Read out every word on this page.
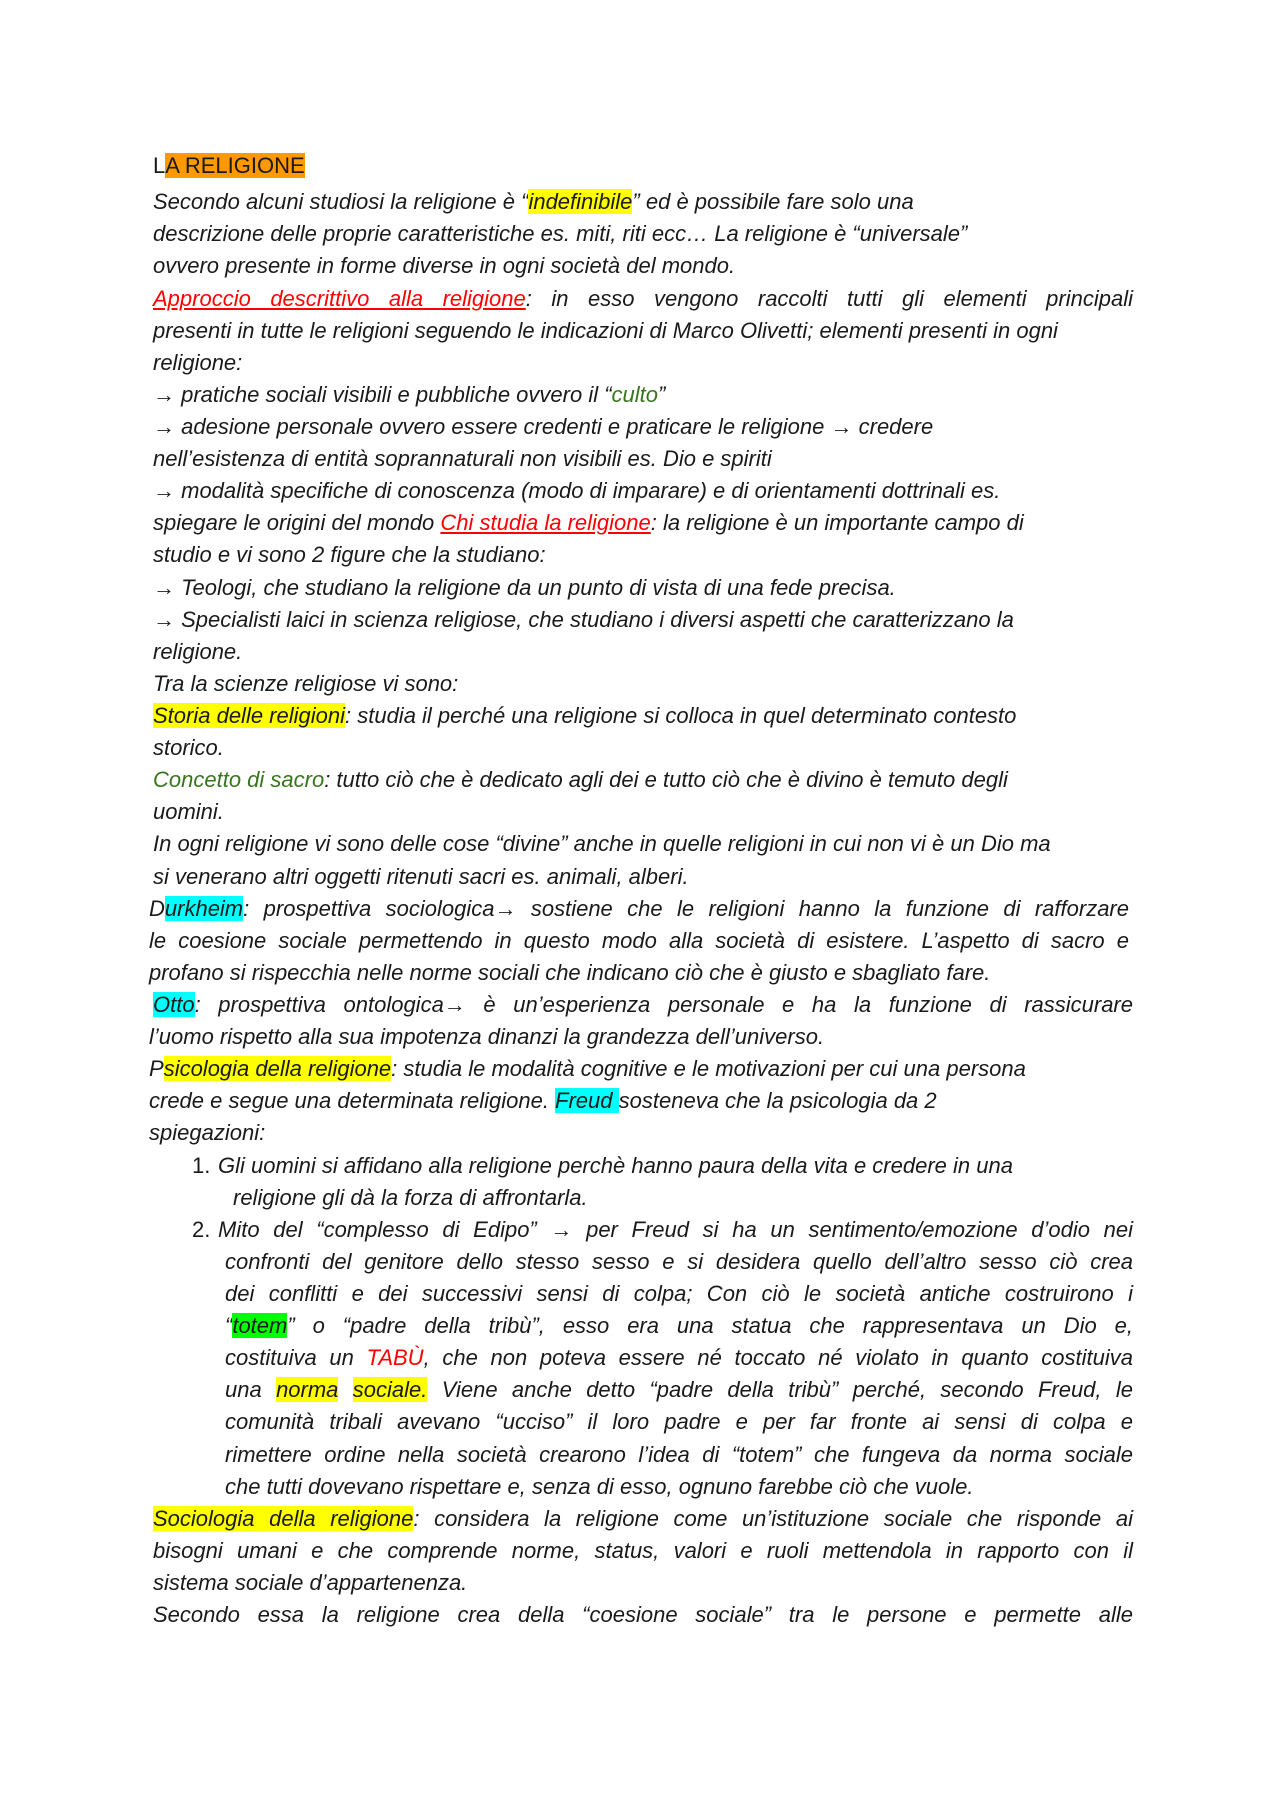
LA RELIGIONE
Secondo alcuni studiosi la religione è “indefinibile” ed è possibile fare solo una
descrizione delle proprie caratteristiche es. miti, riti ecc… La religione è “universale”
ovvero presente in forme diverse in ogni società del mondo.
Approccio descrittivo alla religione: in esso vengono raccolti tutti gli elementi principali
presenti in tutte le religioni seguendo le indicazioni di Marco Olivetti; elementi presenti in ogni
religione:
→ pratiche sociali visibili e pubbliche ovvero il “culto”
→ adesione personale ovvero essere credenti e praticare le religione → credere
nell’esistenza di entità soprannaturali non visibili es. Dio e spiriti
→ modalità specifiche di conoscenza (modo di imparare) e di orientamenti dottrinali es.
spiegare le origini del mondo Chi studia la religione: la religione è un importante campo di
studio e vi sono 2 figure che la studiano:
→ Teologi, che studiano la religione da un punto di vista di una fede precisa.
→ Specialisti laici in scienza religiose, che studiano i diversi aspetti che caratterizzano la
religione.
Tra la scienze religiose vi sono:
Storia delle religioni: studia il perché una religione si colloca in quel determinato contesto
storico.
Concetto di sacro: tutto ciò che è dedicato agli dei e tutto ciò che è divino è temuto degli
uomini.
In ogni religione vi sono delle cose “divine” anche in quelle religioni in cui non vi è un Dio ma
si venerano altri oggetti ritenuti sacri es. animali, alberi.
Durkheim: prospettiva sociologica→ sostiene che le religioni hanno la funzione di rafforzare
le coesione sociale permettendo in questo modo alla società di esistere. L’aspetto di sacro e
profano si rispecchia nelle norme sociali che indicano ciò che è giusto e sbagliato fare.
Otto: prospettiva ontologica→ è un’esperienza personale e ha la funzione di rassicurare
l’uomo rispetto alla sua impotenza dinanzi la grandezza dell’universo.
Psicologia della religione: studia le modalità cognitive e le motivazioni per cui una persona
crede e segue una determinata religione. Freud sosteneva che la psicologia da 2
spiegazioni:
1. Gli uomini si affidano alla religione perchè hanno paura della vita e credere in una
religione gli dà la forza di affrontarla.
2. Mito del “complesso di Edipo” → per Freud si ha un sentimento/emozione d’odio nei
confronti del genitore dello stesso sesso e si desidera quello dell’altro sesso ciò crea
dei conflitti e dei successivi sensi di colpa; Con ciò le società antiche costruirono i
“totem” o “padre della tribù”, esso era una statua che rappresentava un Dio e,
costituiva un TABÙ, che non poteva essere né toccato né violato in quanto costituiva
una norma sociale. Viene anche detto “padre della tribù” perché, secondo Freud, le
comunità tribali avevano “ucciso” il loro padre e per far fronte ai sensi di colpa e
rimettere ordine nella società crearono l’idea di “totem” che fungeva da norma sociale
che tutti dovevano rispettare e, senza di esso, ognuno farebbe ciò che vuole.
Sociologia della religione: considera la religione come un’istituzione sociale che risponde ai
bisogni umani e che comprende norme, status, valori e ruoli mettendola in rapporto con il
sistema sociale d’appartenenza.
Secondo essa la religione crea della “coesione sociale” tra le persone e permette alle
